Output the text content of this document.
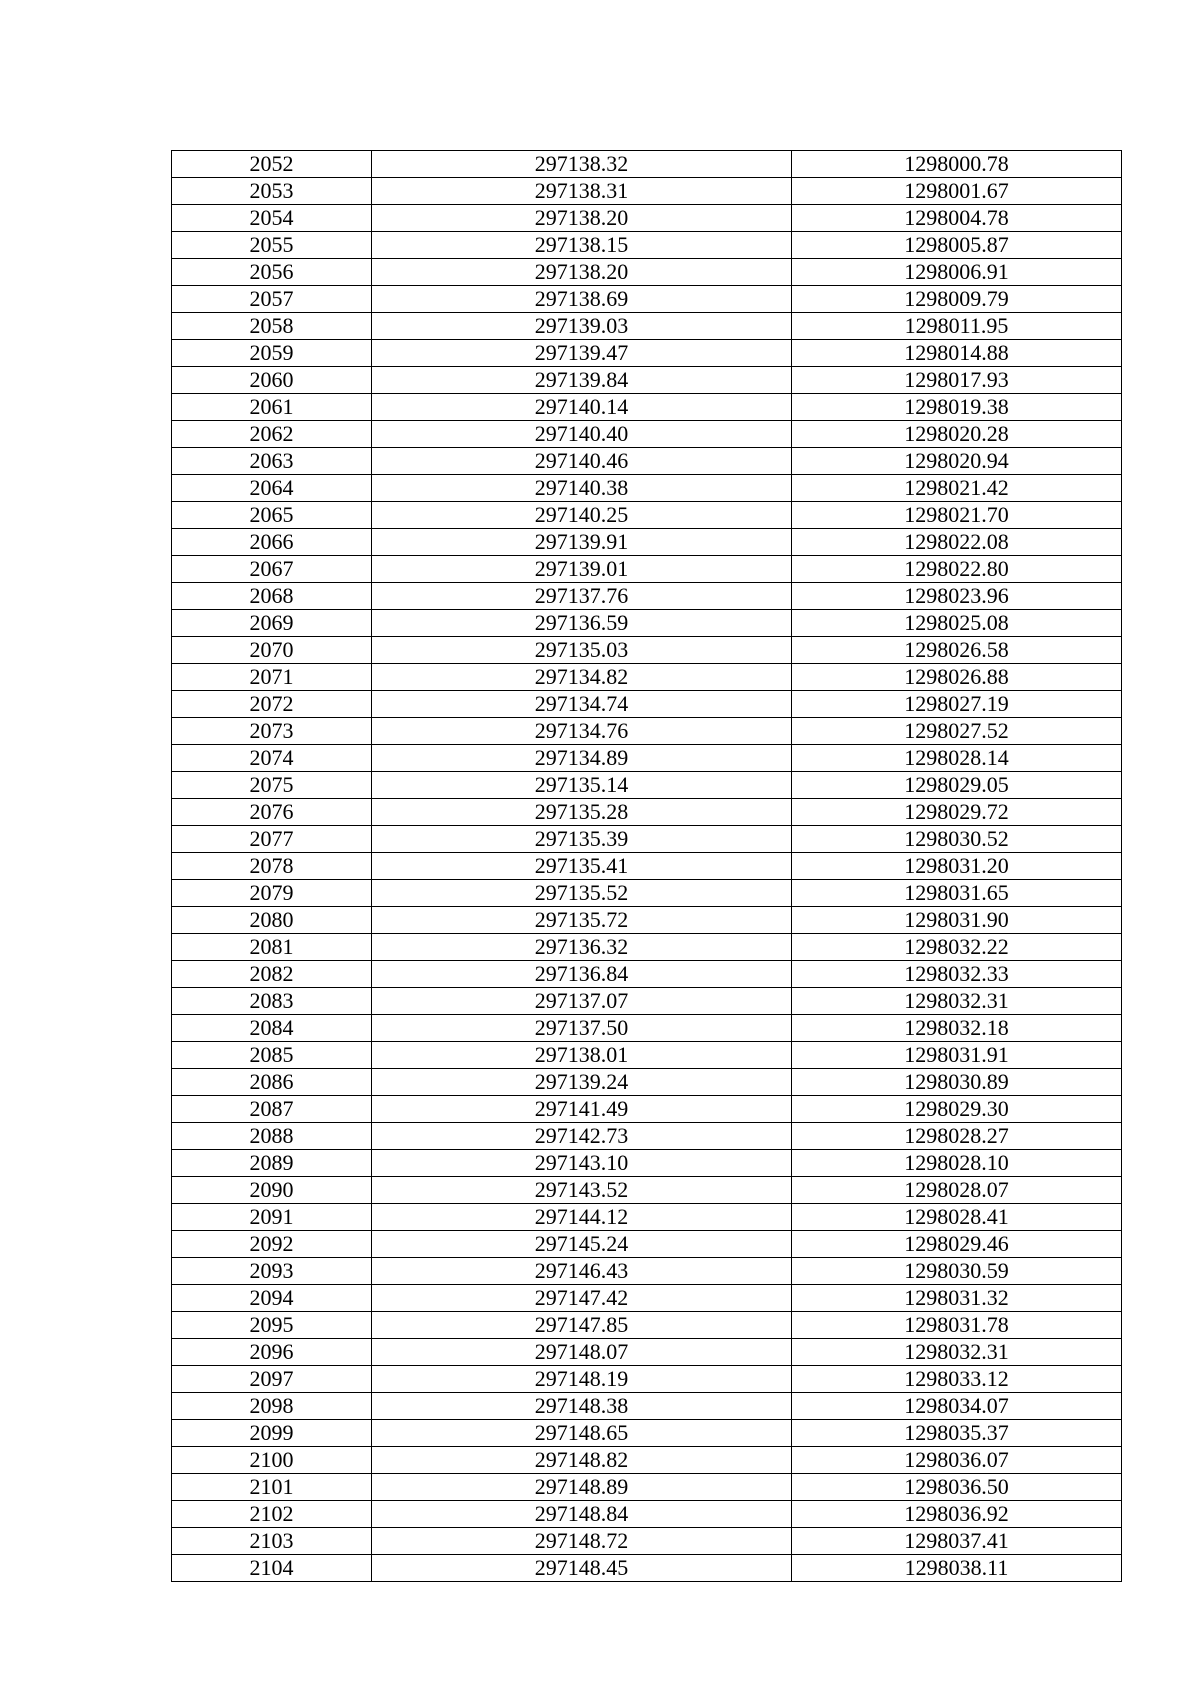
2052	297138.32	1298000.78
2053	297138.31	1298001.67
2054	297138.20	1298004.78
2055	297138.15	1298005.87
2056	297138.20	1298006.91
2057	297138.69	1298009.79
2058	297139.03	1298011.95
2059	297139.47	1298014.88
2060	297139.84	1298017.93
2061	297140.14	1298019.38
2062	297140.40	1298020.28
2063	297140.46	1298020.94
2064	297140.38	1298021.42
2065	297140.25	1298021.70
2066	297139.91	1298022.08
2067	297139.01	1298022.80
2068	297137.76	1298023.96
2069	297136.59	1298025.08
2070	297135.03	1298026.58
2071	297134.82	1298026.88
2072	297134.74	1298027.19
2073	297134.76	1298027.52
2074	297134.89	1298028.14
2075	297135.14	1298029.05
2076	297135.28	1298029.72
2077	297135.39	1298030.52
2078	297135.41	1298031.20
2079	297135.52	1298031.65
2080	297135.72	1298031.90
2081	297136.32	1298032.22
2082	297136.84	1298032.33
2083	297137.07	1298032.31
2084	297137.50	1298032.18
2085	297138.01	1298031.91
2086	297139.24	1298030.89
2087	297141.49	1298029.30
2088	297142.73	1298028.27
2089	297143.10	1298028.10
2090	297143.52	1298028.07
2091	297144.12	1298028.41
2092	297145.24	1298029.46
2093	297146.43	1298030.59
2094	297147.42	1298031.32
2095	297147.85	1298031.78
2096	297148.07	1298032.31
2097	297148.19	1298033.12
2098	297148.38	1298034.07
2099	297148.65	1298035.37
2100	297148.82	1298036.07
2101	297148.89	1298036.50
2102	297148.84	1298036.92
2103	297148.72	1298037.41
2104	297148.45	1298038.11
